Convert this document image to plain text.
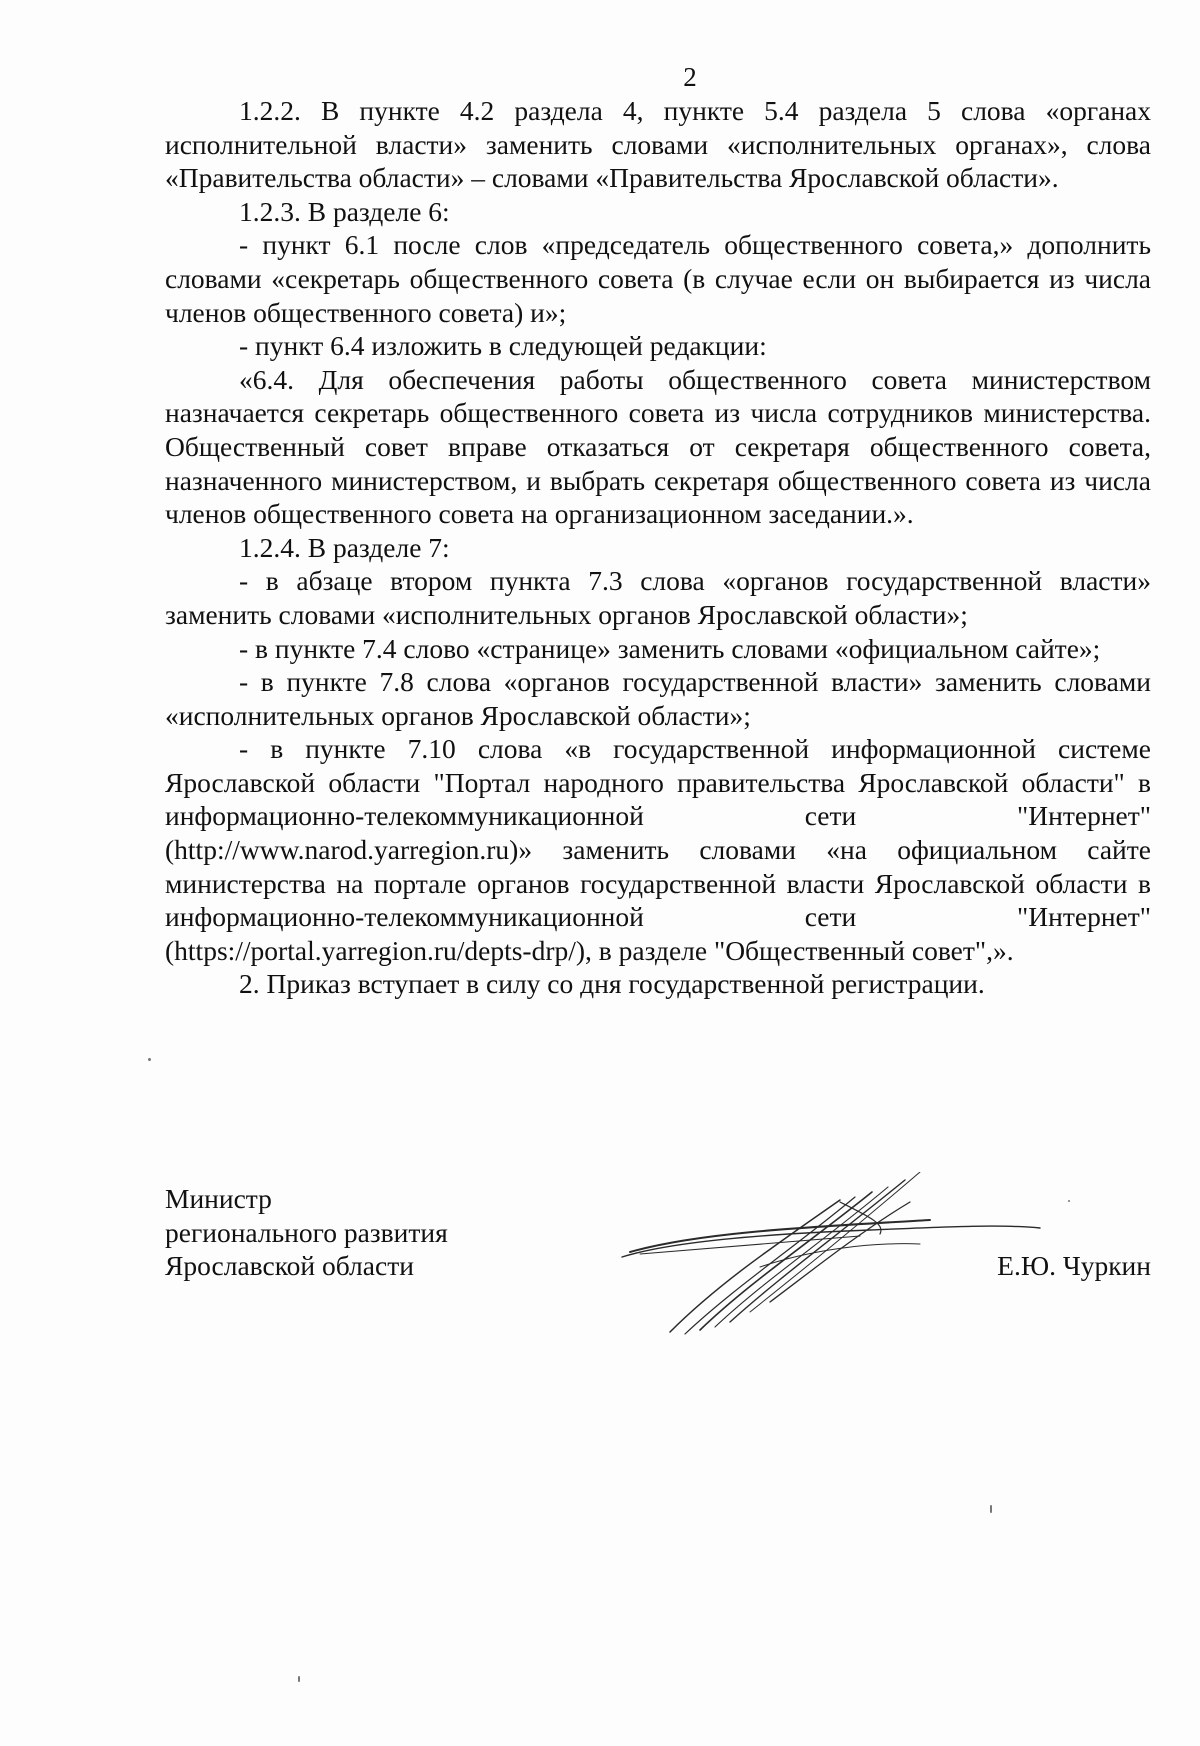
2

1.2.2. В пункте 4.2 раздела 4, пункте 5.4 раздела 5 слова «органах исполнительной власти» заменить словами «исполнительных органах», слова «Правительства области» – словами «Правительства Ярославской области».

1.2.3. В разделе 6:

- пункт 6.1 после слов «председатель общественного совета,» дополнить словами «секретарь общественного совета (в случае если он выбирается из числа членов общественного совета) и»;

- пункт 6.4 изложить в следующей редакции:

«6.4. Для обеспечения работы общественного совета министерством назначается секретарь общественного совета из числа сотрудников министерства. Общественный совет вправе отказаться от секретаря общественного совета, назначенного министерством, и выбрать секретаря общественного совета из числа членов общественного совета на организационном заседании.».

1.2.4. В разделе 7:

- в абзаце втором пункта 7.3 слова «органов государственной власти» заменить словами «исполнительных органов Ярославской области»;

- в пункте 7.4 слово «странице» заменить словами «официальном сайте»;

- в пункте 7.8 слова «органов государственной власти» заменить словами «исполнительных органов Ярославской области»;

- в пункте 7.10 слова «в государственной информационной системе Ярославской области "Портал народного правительства Ярославской области" в информационно-телекоммуникационной сети "Интернет" (http://www.narod.yarregion.ru)» заменить словами «на официальном сайте министерства на портале органов государственной власти Ярославской области в информационно-телекоммуникационной сети "Интернет" (https://portal.yarregion.ru/depts-drp/), в разделе "Общественный совет",».

2. Приказ вступает в силу со дня государственной регистрации.

Министр
регионального развития
Ярославской области	Е.Ю. Чуркин
